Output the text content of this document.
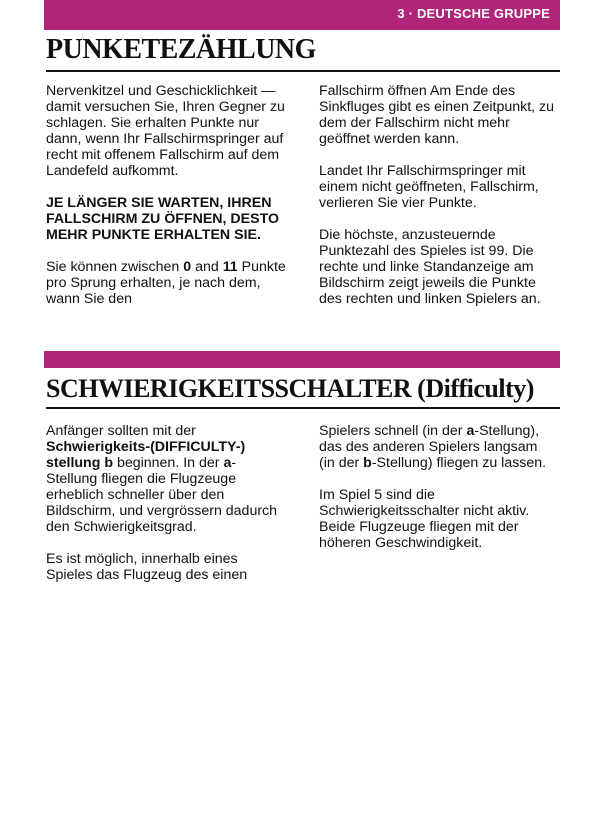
3 · DEUTSCHE GRUPPE
PUNKETEZÄHLUNG

Nervenkitzel und Geschicklichkeit — damit versuchen Sie, Ihren Gegner zu schlagen. Sie erhalten Punkte nur dann, wenn Ihr Fallschirmspringer auf recht mit offenem Fallschirm auf dem Landefeld aufkommt.

JE LÄNGER SIE WARTEN, IHREN FALLSCHIRM ZU ÖFFNEN, DESTO MEHR PUNKTE ERHALTEN SIE.

Sie können zwischen 0 and 11 Punkte pro Sprung erhalten, je nach dem, wann Sie den

Fallschirm öffnen Am Ende des Sinkfluges gibt es einen Zeitpunkt, zu dem der Fallschirm nicht mehr geöffnet werden kann.

Landet Ihr Fallschirmspringer mit einem nicht geöffneten, Fallschirm, verlieren Sie vier Punkte.

Die höchste, anzusteuernde Punktezahl des Spieles ist 99. Die rechte und linke Standanzeige am Bildschirm zeigt jeweils die Punkte des rechten und linken Spielers an.

SCHWIERIGKEITSSCHALTER (Difficulty)

Anfänger sollten mit der Schwierigkeits-(DIFFICULTY-) stellung b beginnen. In der a-Stellung fliegen die Flugzeuge erheblich schneller über den Bildschirm, und vergrössern dadurch den Schwierigkeitsgrad.

Es ist möglich, innerhalb eines Spieles das Flugzeug des einen

Spielers schnell (in der a-Stellung), das des anderen Spielers langsam (in der b-Stellung) fliegen zu lassen.

Im Spiel 5 sind die Schwierigkeitsschalter nicht aktiv. Beide Flugzeuge fliegen mit der höheren Geschwindigkeit.
